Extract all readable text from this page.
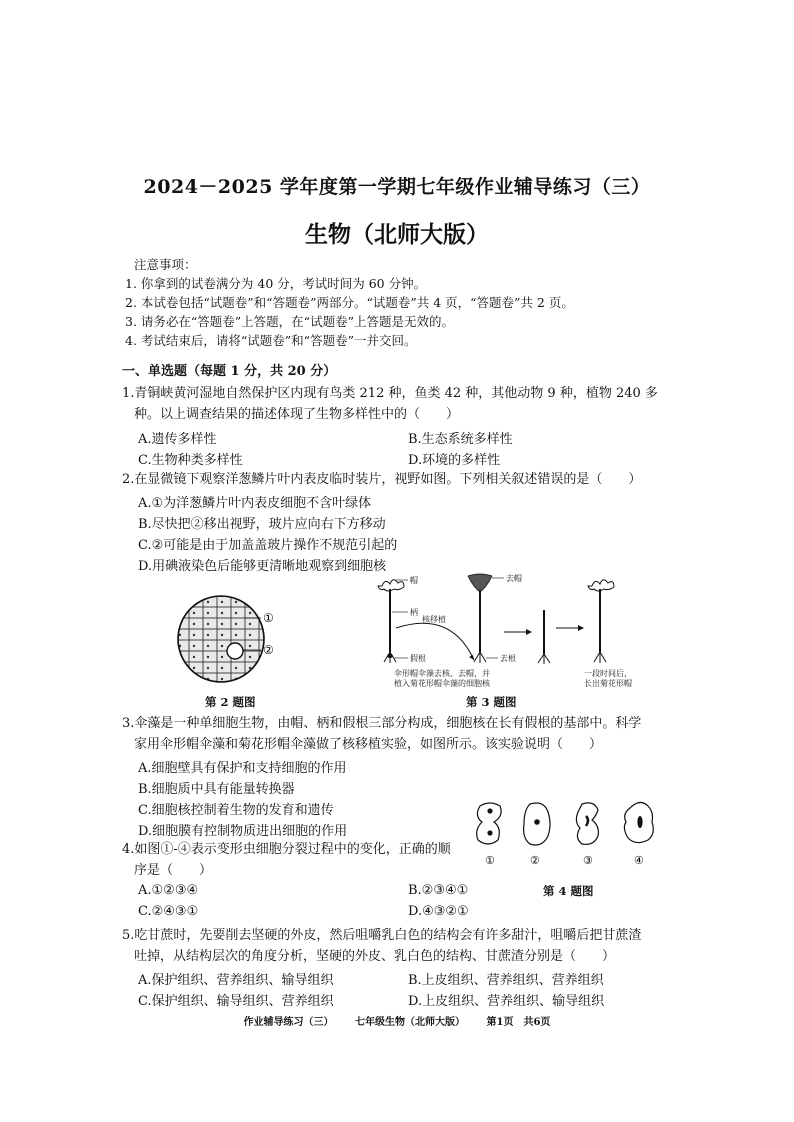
2024－2025 学年度第一学期七年级作业辅导练习（三）
生物（北师大版）
注意事项：
1. 你拿到的试卷满分为 40 分，考试时间为 60 分钟。
2. 本试卷包括“试题卷”和“答题卷”两部分。“试题卷”共 4 页，“答题卷”共 2 页。
3. 请务必在“答题卷”上答题，在“试题卷”上答题是无效的。
4. 考试结束后，请将“试题卷”和“答题卷”一并交回。
一、单选题（每题 1 分，共 20 分）
1.青铜峡黄河湿地自然保护区内现有鸟类 212 种，鱼类 42 种，其他动物 9 种，植物 240 多
种。以上调查结果的描述体现了生物多样性中的（　　）
A.遗传多样性	B.生态系统多样性
C.生物种类多样性	D.环境的多样性
2.在显微镜下观察洋葱鳞片叶内表皮临时装片，视野如图。下列相关叙述错误的是（　　）
A.①为洋葱鳞片叶内表皮细胞不含叶绿体
B.尽快把②移出视野，玻片应向右下方移动
C.②可能是由于加盖盖玻片操作不规范引起的
D.用碘液染色后能够更清晰地观察到细胞核
①
②
第 2 题图
帽
柄
假根
核移植
去帽
去根
伞形帽伞藻去核、去帽，并
植入菊花形帽伞藻的细胞核
一段时间后，
长出菊花形帽
第 3 题图
3.伞藻是一种单细胞生物，由帽、柄和假根三部分构成，细胞核在长有假根的基部中。科学
家用伞形帽伞藻和菊花形帽伞藻做了核移植实验，如图所示。该实验说明（　　）
A.细胞壁具有保护和支持细胞的作用
B.细胞质中具有能量转换器
C.细胞核控制着生物的发育和遗传
D.细胞膜有控制物质进出细胞的作用
①	②	③	④
第 4 题图
4.如图①-④表示变形虫细胞分裂过程中的变化，正确的顺
序是（　　）
A.①②③④	B.②③④①
C.②④③①	D.④③②①
5.吃甘蔗时，先要削去坚硬的外皮，然后咀嚼乳白色的结构会有许多甜汁，咀嚼后把甘蔗渣
吐掉，从结构层次的角度分析，坚硬的外皮、乳白色的结构、甘蔗渣分别是（　　）
A.保护组织、营养组织、输导组织	B.上皮组织、营养组织、营养组织
C.保护组织、输导组织、营养组织	D.上皮组织、营养组织、输导组织
作业辅导练习（三） 七年级生物（北师大版） 第1页　共6页
